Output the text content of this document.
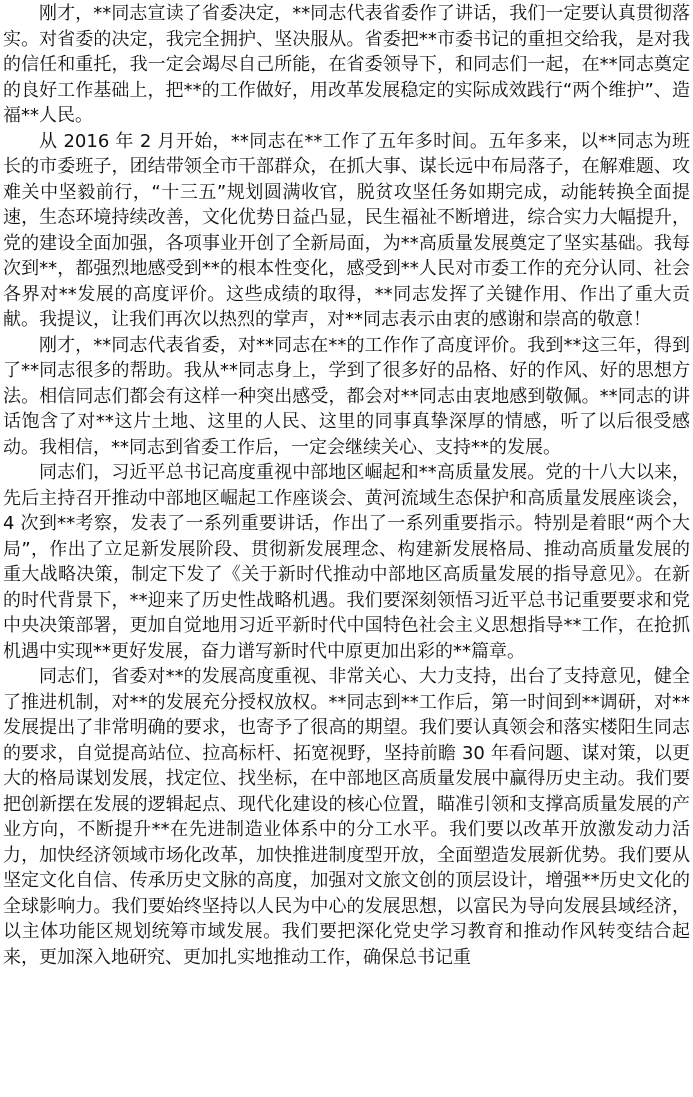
刚才，**同志宣读了省委决定，**同志代表省委作了讲话，我们一定要认真贯彻落实。对省委的决定，我完全拥护、坚决服从。省委把**市委书记的重担交给我，是对我的信任和重托，我一定会竭尽自己所能，在省委领导下，和同志们一起，在**同志奠定的良好工作基础上，把**的工作做好，用改革发展稳定的实际成效践行“两个维护”、造福**人民。

从 2016 年 2 月开始，**同志在**工作了五年多时间。五年多来，以**同志为班长的市委班子，团结带领全市干部群众，在抓大事、谋长远中布局落子，在解难题、攻难关中坚毅前行，“十三五”规划圆满收官，脱贫攻坚任务如期完成，动能转换全面提速，生态环境持续改善，文化优势日益凸显，民生福祉不断增进，综合实力大幅提升，党的建设全面加强，各项事业开创了全新局面，为**高质量发展奠定了坚实基础。我每次到**，都强烈地感受到**的根本性变化，感受到**人民对市委工作的充分认同、社会各界对**发展的高度评价。这些成绩的取得，**同志发挥了关键作用、作出了重大贡献。我提议，让我们再次以热烈的掌声，对**同志表示由衷的感谢和崇高的敬意！

刚才，**同志代表省委，对**同志在**的工作作了高度评价。我到**这三年，得到了**同志很多的帮助。我从**同志身上，学到了很多好的品格、好的作风、好的思想方法。相信同志们都会有这样一种突出感受，都会对**同志由衷地感到敬佩。**同志的讲话饱含了对**这片土地、这里的人民、这里的同事真挚深厚的情感，听了以后很受感动。我相信，**同志到省委工作后，一定会继续关心、支持**的发展。

同志们，习近平总书记高度重视中部地区崛起和**高质量发展。党的十八大以来，先后主持召开推动中部地区崛起工作座谈会、黄河流域生态保护和高质量发展座谈会，4 次到**考察，发表了一系列重要讲话，作出了一系列重要指示。特别是着眼“两个大局”，作出了立足新发展阶段、贯彻新发展理念、构建新发展格局、推动高质量发展的重大战略决策，制定下发了《关于新时代推动中部地区高质量发展的指导意见》。在新的时代背景下，**迎来了历史性战略机遇。我们要深刻领悟习近平总书记重要要求和党中央决策部署，更加自觉地用习近平新时代中国特色社会主义思想指导**工作，在抢抓机遇中实现**更好发展，奋力谱写新时代中原更加出彩的**篇章。

同志们，省委对**的发展高度重视、非常关心、大力支持，出台了支持意见，健全了推进机制，对**的发展充分授权放权。**同志到**工作后，第一时间到**调研，对**发展提出了非常明确的要求，也寄予了很高的期望。我们要认真领会和落实楼阳生同志的要求，自觉提高站位、拉高标杆、拓宽视野，坚持前瞻 30 年看问题、谋对策，以更大的格局谋划发展，找定位、找坐标，在中部地区高质量发展中赢得历史主动。我们要把创新摆在发展的逻辑起点、现代化建设的核心位置，瞄准引领和支撑高质量发展的产业方向，不断提升**在先进制造业体系中的分工水平。我们要以改革开放激发动力活力，加快经济领域市场化改革，加快推进制度型开放，全面塑造发展新优势。我们要从坚定文化自信、传承历史文脉的高度，加强对文旅文创的顶层设计，增强**历史文化的全球影响力。我们要始终坚持以人民为中心的发展思想，以富民为导向发展县域经济，以主体功能区规划统筹市域发展。我们要把深化党史学习教育和推动作风转变结合起来，更加深入地研究、更加扎实地推动工作，确保总书记重
